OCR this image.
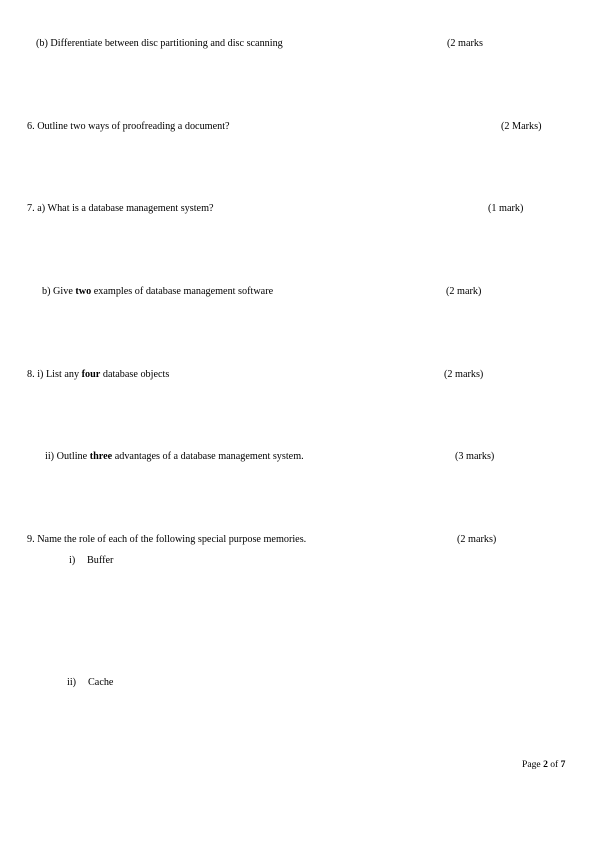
(b) Differentiate between disc partitioning and disc scanning	(2 marks
6. Outline two ways of proofreading a document?	(2 Marks)
7. a) What is a database management system?	(1 mark)
b) Give two examples of database management software	(2 mark)
8. i) List any four database objects	(2 marks)
ii) Outline three advantages of a database management system.	(3 marks)
9. Name the role of each of the following special purpose memories.	(2 marks)
i) Buffer
ii) Cache
Page 2 of 7
